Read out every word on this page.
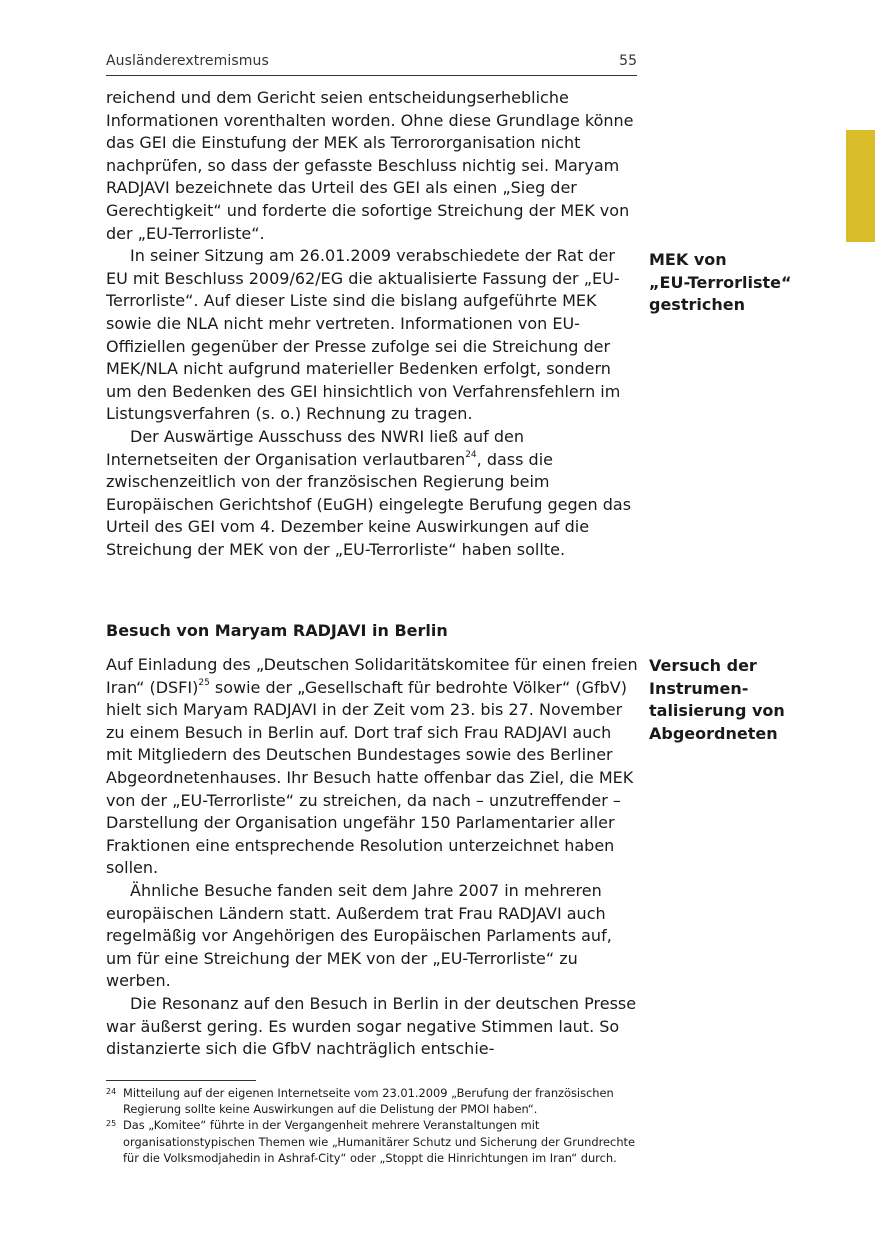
Ausländerextremismus	55

reichend und dem Gericht seien entscheidungserhebliche Informationen vorenthalten worden. Ohne diese Grundlage könne das GEI die Einstufung der MEK als Terrororganisation nicht nachprüfen, so dass der gefasste Beschluss nichtig sei. Maryam RADJAVI bezeichnete das Urteil des GEI als einen „Sieg der Gerechtigkeit“ und forderte die sofortige Streichung der MEK von der „EU-Terrorliste“.

In seiner Sitzung am 26.01.2009 verabschiedete der Rat der EU mit Beschluss 2009/62/EG die aktualisierte Fassung der „EU-Terrorliste“. Auf dieser Liste sind die bislang aufgeführte MEK sowie die NLA nicht mehr vertreten. Informationen von EU-Offiziellen gegenüber der Presse zufolge sei die Streichung der MEK/NLA nicht aufgrund materieller Bedenken erfolgt, sondern um den Bedenken des GEI hinsichtlich von Verfahrensfehlern im Listungsverfahren (s. o.) Rechnung zu tragen.

Der Auswärtige Ausschuss des NWRI ließ auf den Internetseiten der Organisation verlautbaren$^{24}$, dass die zwischenzeitlich von der französischen Regierung beim Europäischen Gerichtshof (EuGH) eingelegte Berufung gegen das Urteil des GEI vom 4. Dezember keine Auswirkungen auf die Streichung der MEK von der „EU-Terrorliste“ haben sollte.

MEK von
„EU-Terrorliste“
gestrichen
Besuch von Maryam RADJAVI in Berlin

Auf Einladung des „Deutschen Solidaritätskomitee für einen freien Iran“ (DSFI)$^{25}$ sowie der „Gesellschaft für bedrohte Völker“ (GfbV) hielt sich Maryam RADJAVI in der Zeit vom 23. bis 27. November zu einem Besuch in Berlin auf. Dort traf sich Frau RADJAVI auch mit Mitgliedern des Deutschen Bundestages sowie des Berliner Abgeordnetenhauses. Ihr Besuch hatte offenbar das Ziel, die MEK von der „EU-Terrorliste“ zu streichen, da nach – unzutreffender – Darstellung der Organisation ungefähr 150 Parlamentarier aller Fraktionen eine entsprechende Resolution unterzeichnet haben sollen.

Ähnliche Besuche fanden seit dem Jahre 2007 in mehreren europäischen Ländern statt. Außerdem trat Frau RADJAVI auch regelmäßig vor Angehörigen des Europäischen Parlaments auf, um für eine Streichung der MEK von der „EU-Terrorliste“ zu werben.

Die Resonanz auf den Besuch in Berlin in der deutschen Presse war äußerst gering. Es wurden sogar negative Stimmen laut. So distanzierte sich die GfbV nachträglich entschie-

Versuch der
Instrumen-
talisierung von
Abgeordneten
24 Mitteilung auf der eigenen Internetseite vom 23.01.2009 „Berufung der französischen Regierung sollte keine Auswirkungen auf die Delistung der PMOI haben“.
25 Das „Komitee“ führte in der Vergangenheit mehrere Veranstaltungen mit organisationstypischen Themen wie „Humanitärer Schutz und Sicherung der Grundrechte für die Volksmodjahedin in Ashraf-City“ oder „Stoppt die Hinrichtungen im Iran“ durch.
